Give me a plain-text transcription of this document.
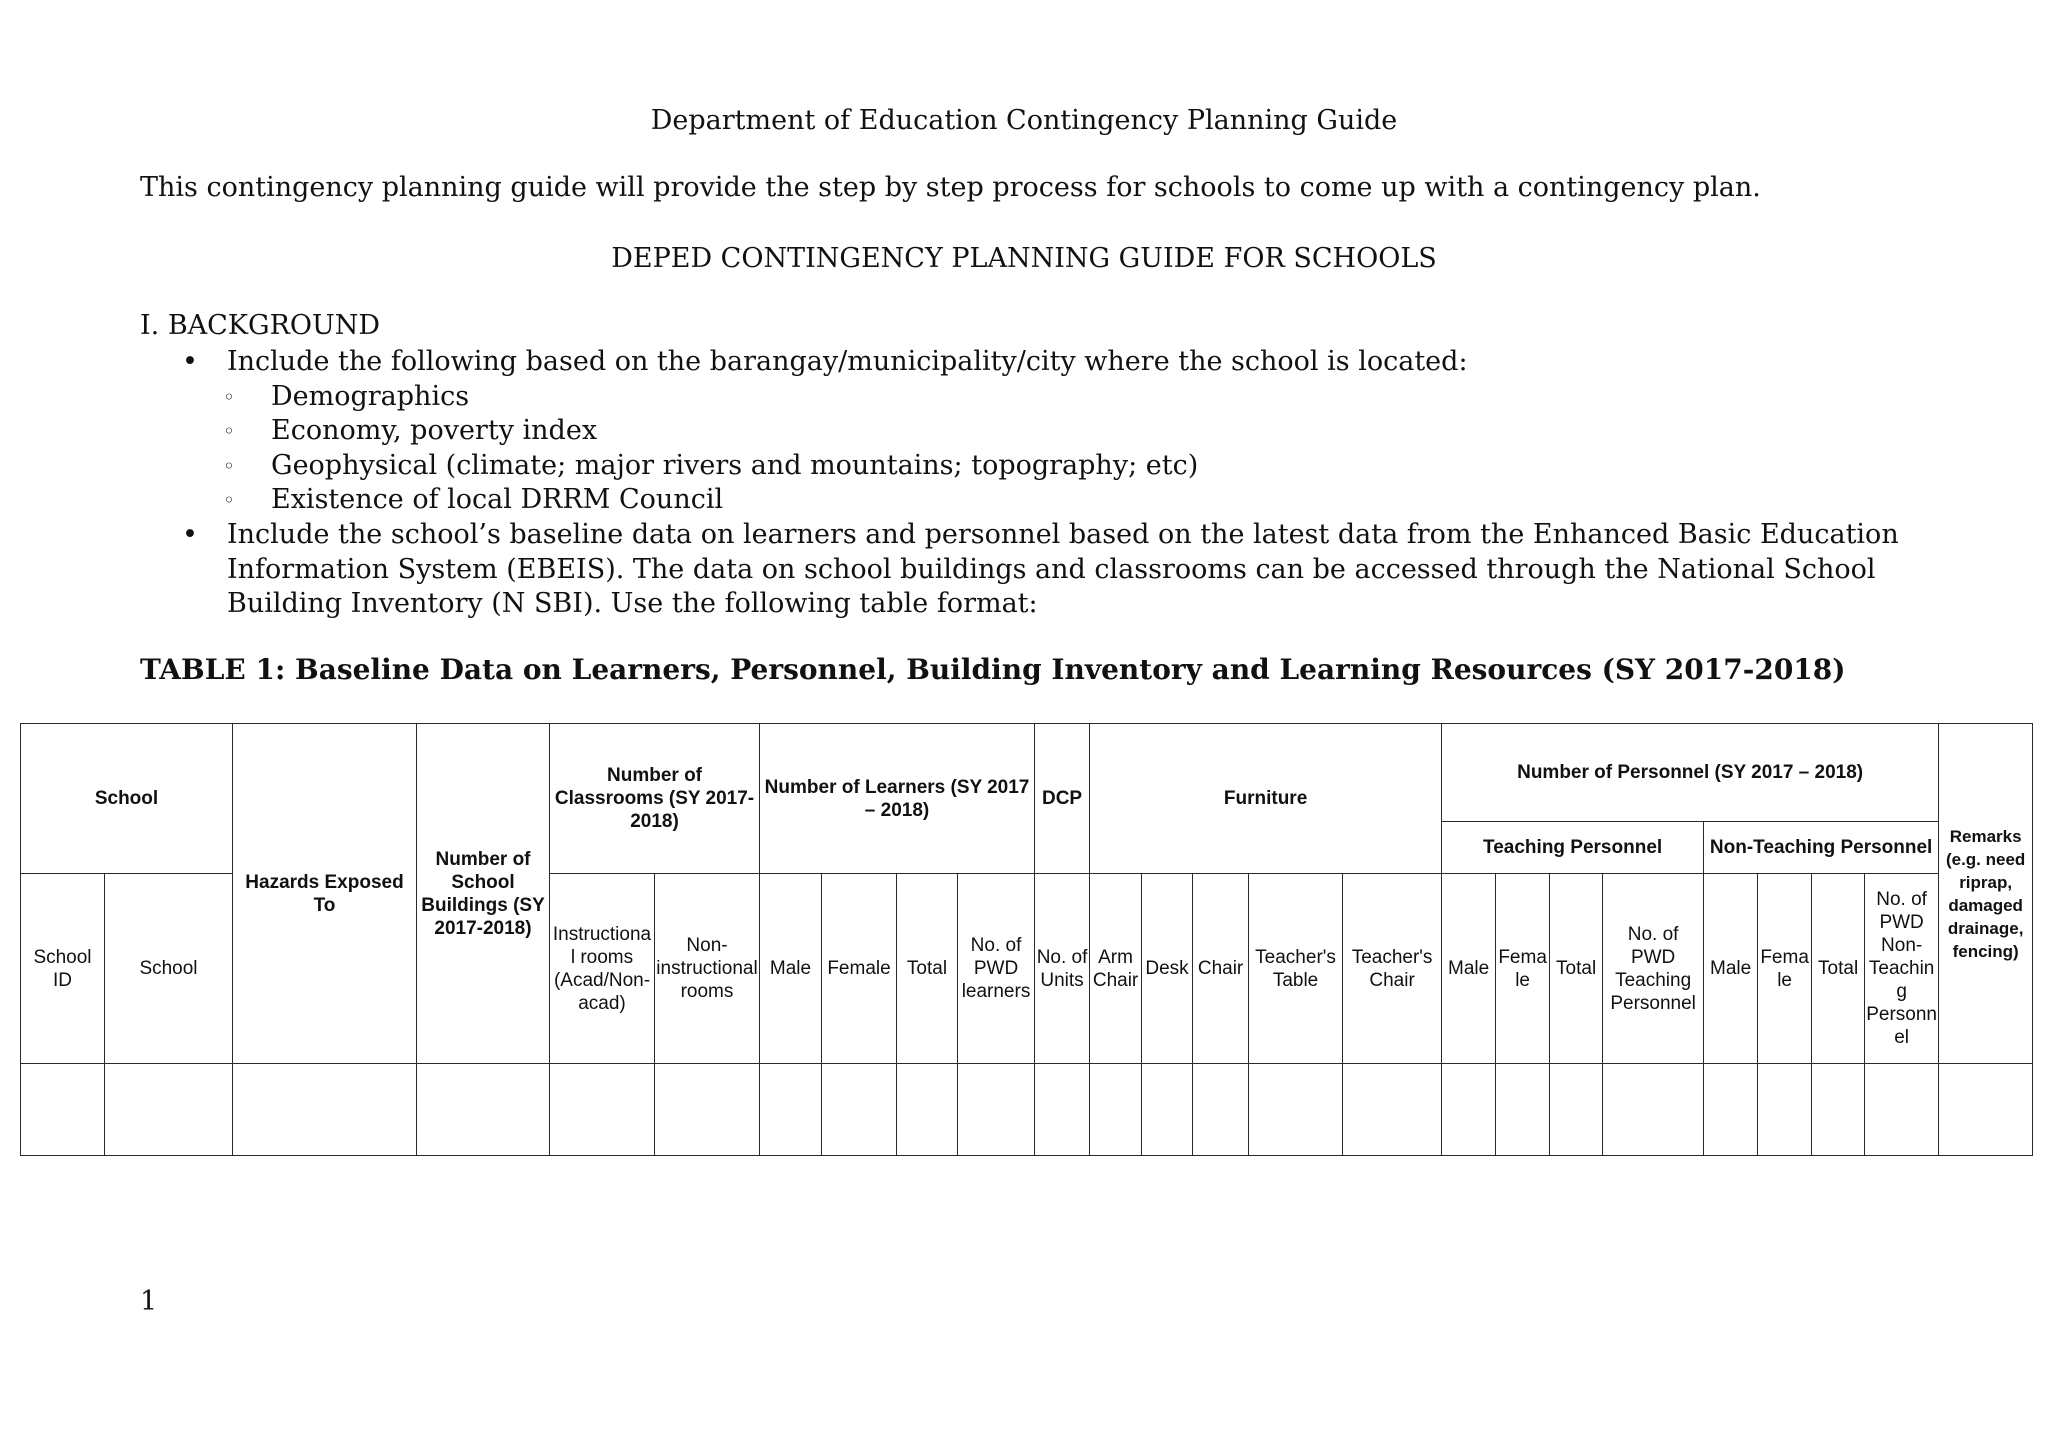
Department of Education Contingency Planning Guide
This contingency planning guide will provide the step by step process for schools to come up with a contingency plan.
DEPED CONTINGENCY PLANNING GUIDE FOR SCHOOLS
I. BACKGROUND
• Include the following based on the barangay/municipality/city where the school is located:
◦ Demographics
◦ Economy, poverty index
◦ Geophysical (climate; major rivers and mountains; topography; etc)
◦ Existence of local DRRM Council
• Include the school’s baseline data on learners and personnel based on the latest data from the Enhanced Basic Education Information System (EBEIS). The data on school buildings and classrooms can be accessed through the National School Building Inventory (N SBI). Use the following table format:
TABLE 1: Baseline Data on Learners, Personnel, Building Inventory and Learning Resources (SY 2017-2018)
School		Hazards Exposed To	Number of School Buildings (SY 2017-2018)	Number of Classrooms (SY 2017-2018)		Number of Learners (SY 2017 – 2018)				DCP	Furniture					Number of Personnel (SY 2017 – 2018)								Remarks (e.g. need riprap, damaged drainage, fencing)
																Teaching Personnel				Non-Teaching Personnel				
School ID	School			Instructional rooms (Acad/Non-acad)	Non-instructional rooms	Male	Female	Total	No. of PWD learners	No. of Units	Arm Chair	Desk	Chair	Teacher's Table	Teacher's Chair	Male	Female	Total	No. of PWD Teaching Personnel	Male	Female	Total	No. of PWD Non-Teaching Personnel	

1
